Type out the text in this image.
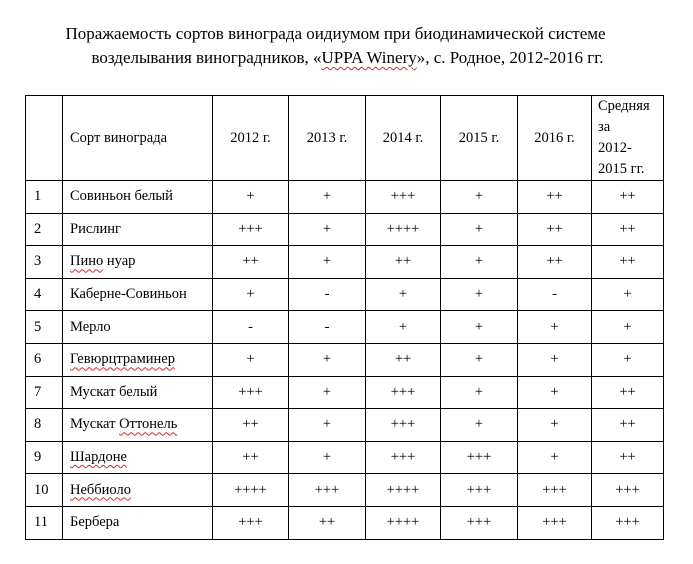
Поражаемость сортов винограда оидиумом при биодинамической системе
возделывания виноградников, «UPPA Winery», с. Родное, 2012-2016 гг.
	Сорт винограда	2012 г.	2013 г.	2014 г.	2015 г.	2016 г.	Средняя
за
2012-
2015 гг.
1	Совиньон белый	+	+	+++	+	++	++
2	Рислинг	+++	+	++++	+	++	++
3	Пино нуар	++	+	++	+	++	++
4	Каберне-Совиньон	+	-	+	+	-	+
5	Мерло	-	-	+	+	+	+
6	Гевюрцтраминер	+	+	++	+	+	+
7	Мускат белый	+++	+	+++	+	+	++
8	Мускат Оттонель	++	+	+++	+	+	++
9	Шардоне	++	+	+++	+++	+	++
10	Неббиоло	++++	+++	++++	+++	+++	+++
11	Бербера	+++	++	++++	+++	+++	+++
